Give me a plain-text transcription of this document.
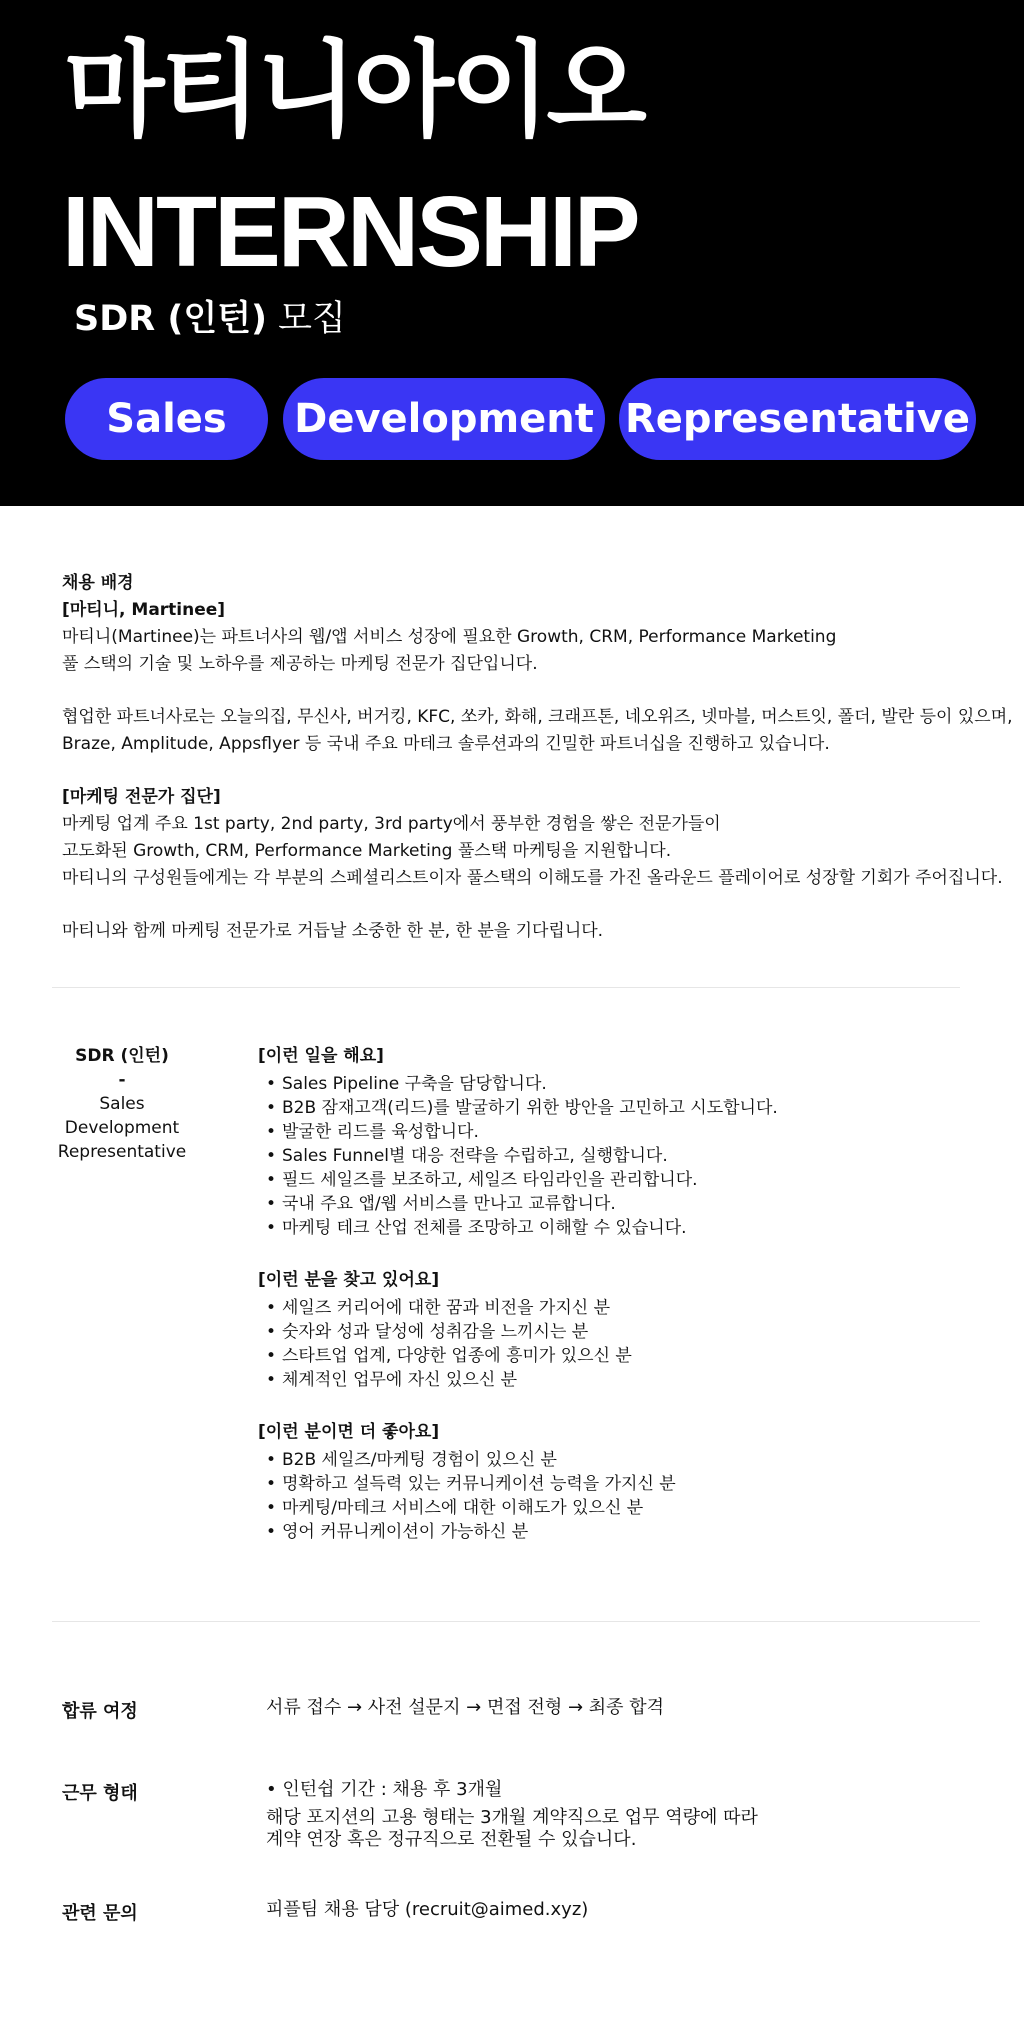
마티니아이오
INTERNSHIP
SDR (인턴) 모집
Sales	Development Representative
채용 배경
[마티니, Martinee]
마티니(Martinee)는 파트너사의 웹/앱 서비스 성장에 필요한 Growth, CRM, Performance Marketing
풀 스택의 기술 및 노하우를 제공하는 마케팅 전문가 집단입니다.
협업한 파트너사로는 오늘의집, 무신사, 버거킹, KFC, 쏘카, 화해, 크래프톤, 네오위즈, 넷마블, 머스트잇, 폴더, 발란 등이 있으며,
Braze, Amplitude, Appsflyer 등 국내 주요 마테크 솔루션과의 긴밀한 파트너십을 진행하고 있습니다.
[마케팅 전문가 집단]
마케팅 업계 주요 1st party, 2nd party, 3rd party에서 풍부한 경험을 쌓은 전문가들이
고도화된 Growth, CRM, Performance Marketing 풀스택 마케팅을 지원합니다.
마티니의 구성원들에게는 각 부분의 스페셜리스트이자 풀스택의 이해도를 가진 올라운드 플레이어로 성장할 기회가 주어집니다.
마티니와 함께 마케팅 전문가로 거듭날 소중한 한 분, 한 분을 기다립니다.
SDR (인턴)
-
Sales
Development
Representative
[이런 일을 해요]
• Sales Pipeline 구축을 담당합니다.
• B2B 잠재고객(리드)를 발굴하기 위한 방안을 고민하고 시도합니다.
• 발굴한 리드를 육성합니다.
• Sales Funnel별 대응 전략을 수립하고, 실행합니다.
• 필드 세일즈를 보조하고, 세일즈 타임라인을 관리합니다.
• 국내 주요 앱/웹 서비스를 만나고 교류합니다.
• 마케팅 테크 산업 전체를 조망하고 이해할 수 있습니다.
[이런 분을 찾고 있어요]
• 세일즈 커리어에 대한 꿈과 비전을 가지신 분
• 숫자와 성과 달성에 성취감을 느끼시는 분
• 스타트업 업계, 다양한 업종에 흥미가 있으신 분
• 체계적인 업무에 자신 있으신 분
[이런 분이면 더 좋아요]
• B2B 세일즈/마케팅 경험이 있으신 분
• 명확하고 설득력 있는 커뮤니케이션 능력을 가지신 분
• 마케팅/마테크 서비스에 대한 이해도가 있으신 분
• 영어 커뮤니케이션이 가능하신 분
합류 여정	서류 접수 → 사전 설문지 → 면접 전형 → 최종 합격
근무 형태	• 인턴쉽 기간 : 채용 후 3개월
해당 포지션의 고용 형태는 3개월 계약직으로 업무 역량에 따라
계약 연장 혹은 정규직으로 전환될 수 있습니다.
관련 문의	피플팀 채용 담당 (recruit@aimed.xyz)
